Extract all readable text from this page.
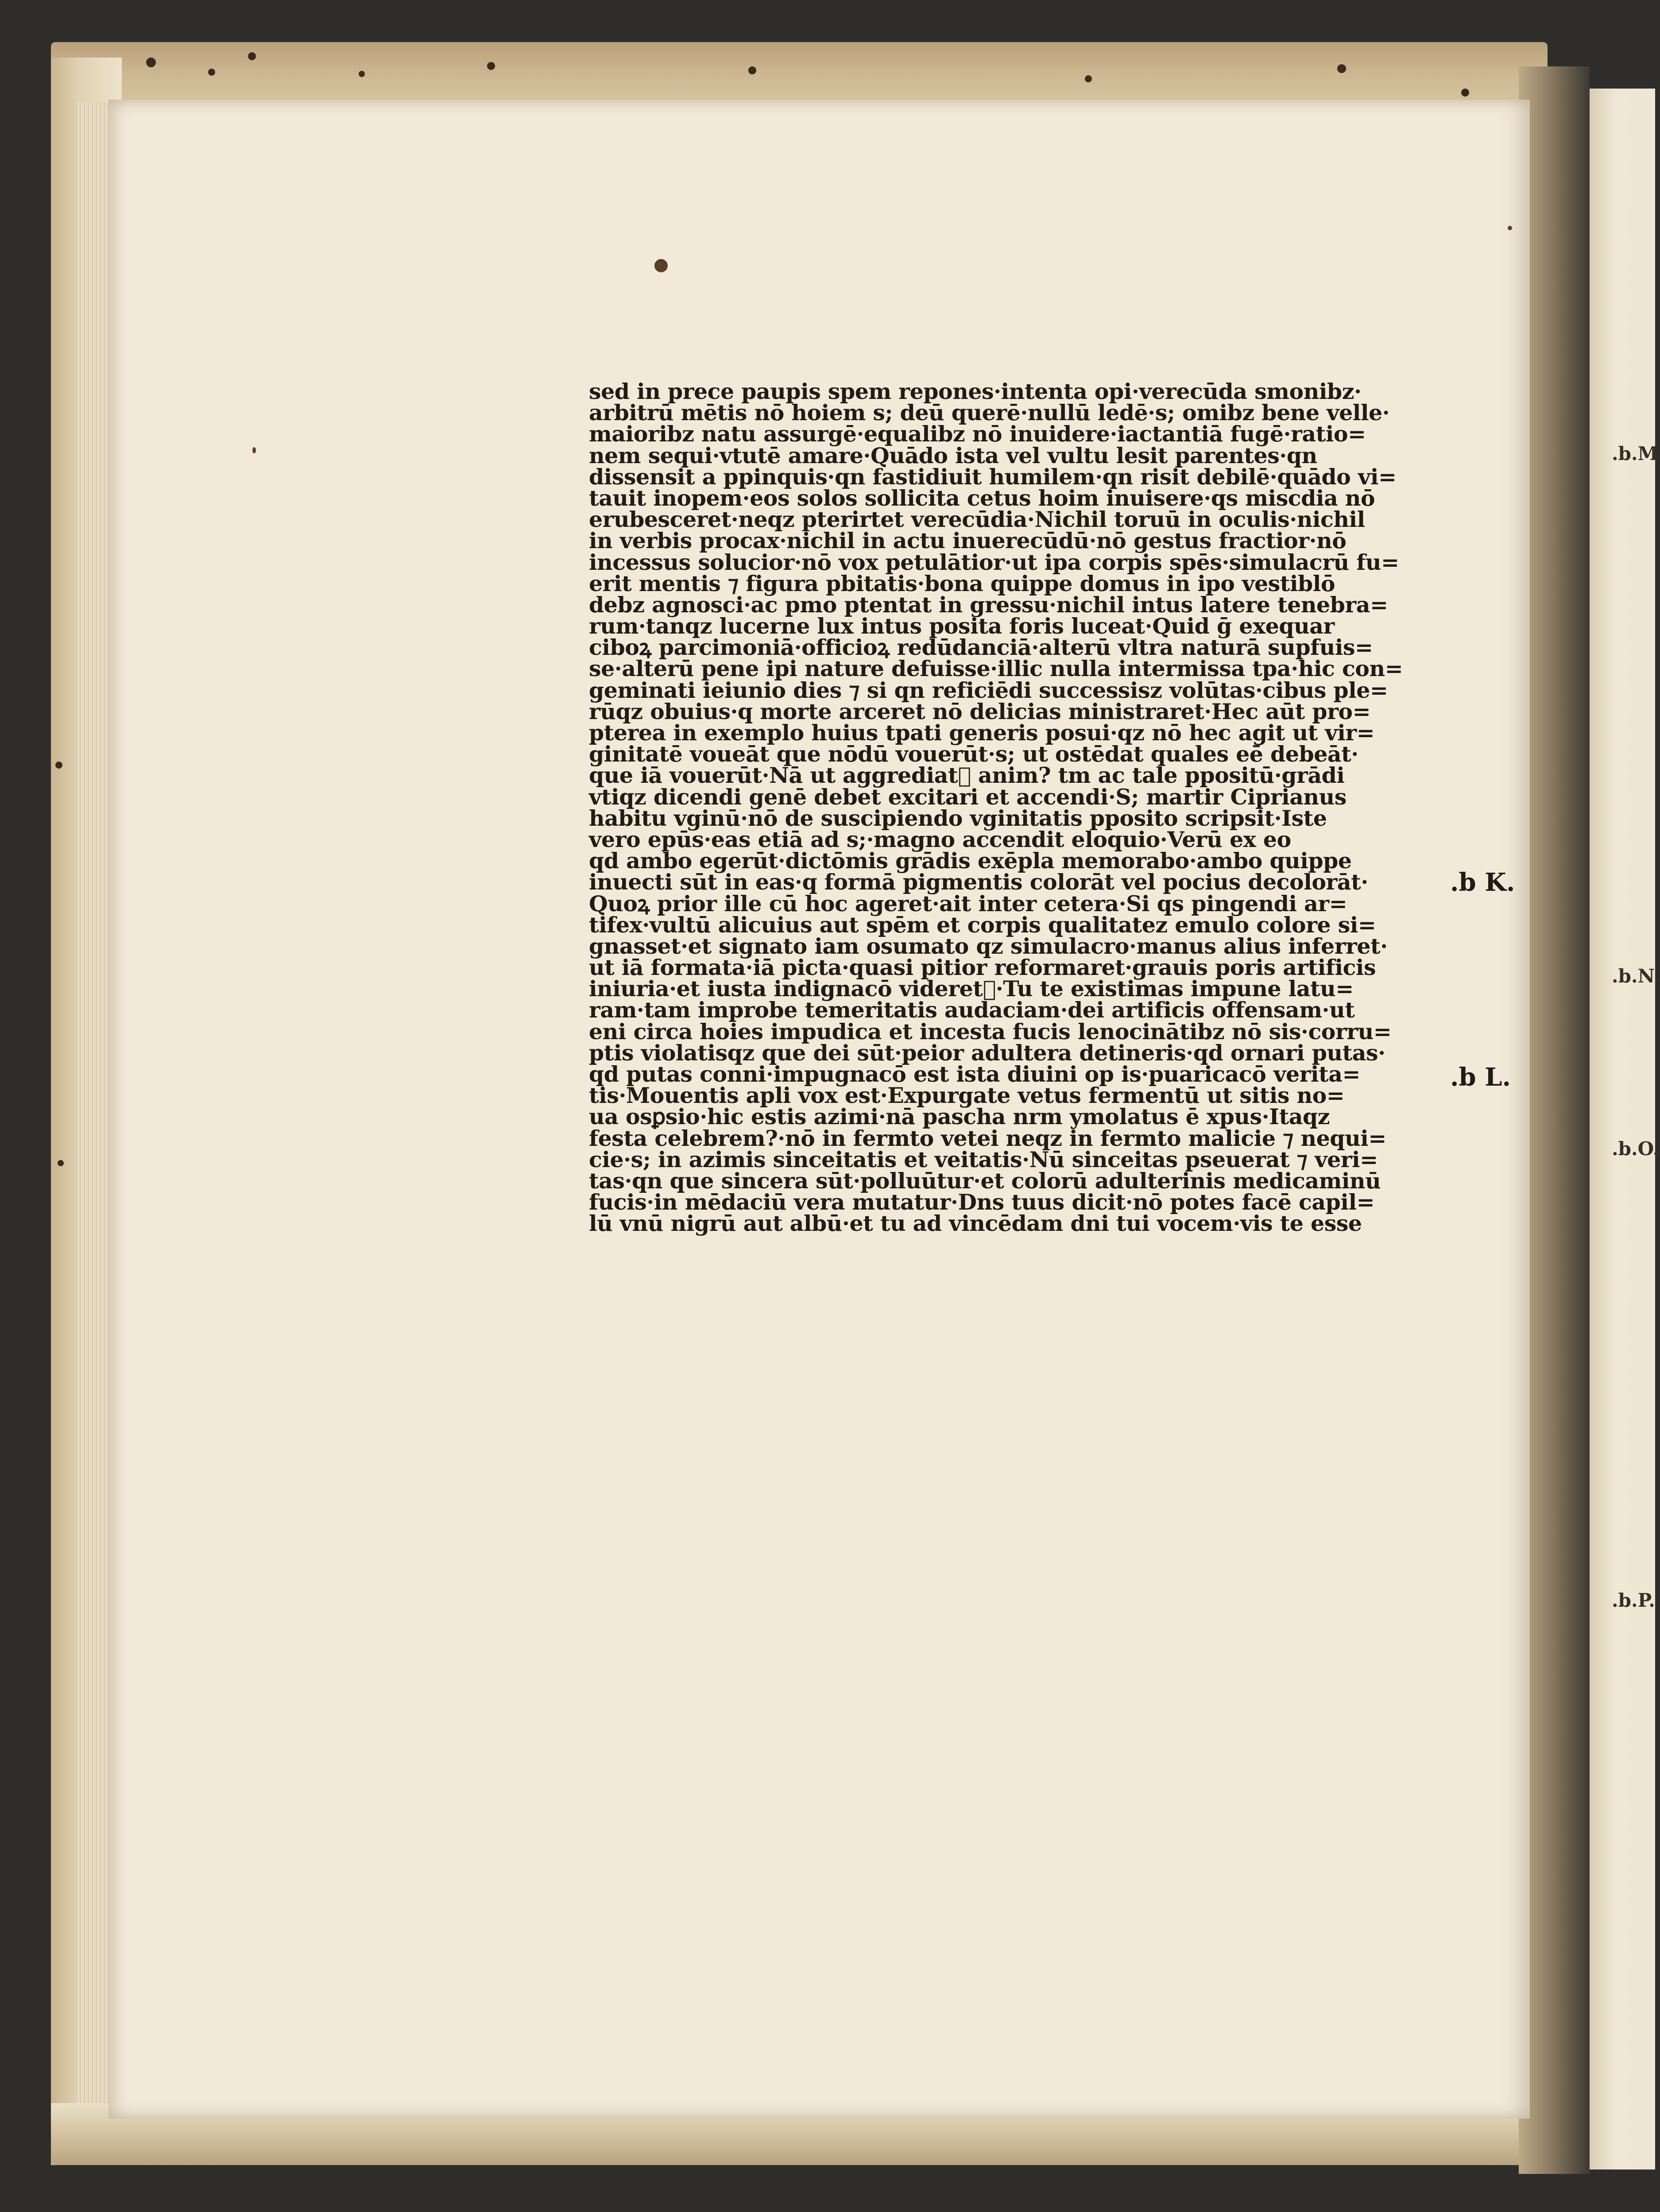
sed in prece paupis spem repones·intenta opi·verecūda smonibz·
arbitrū mētis nō hoiem s; deū querē·nullū ledē·s; omibz bene velle·
maioribz natu assurgē·equalibz nō inuidere·iactantiā fugē·ratio=
nem sequi·vtutē amare·Quādo ista vel vultu lesit parentes·qn
dissensit a ppinquis·qn fastidiuit humilem·qn risit debilē·quādo vi=
tauit inopem·eos solos sollicita cetus hoim inuisere·qs miscdia nō
erubesceret·neqz pterirtet verecūdia·Nichil toruū in oculis·nichil
in verbis procax·nichil in actu inuerecūdū·nō gestus fractior·nō
incessus solucior·nō vox petulātior·ut ipa corpis spēs·simulacrū fu=
erit mentis ⁊ figura pbitatis·bona quippe domus in ipo vestiblō
debz agnosci·ac pmo ptentat in gressu·nichil intus latere tenebra=
rum·tanqz lucerne lux intus posita foris luceat·Quid ḡ exequar
ciboꝝ parcimoniā·officioꝝ redūdanciā·alterū vltra naturā supfuis=
se·alterū pene ipi nature defuisse·illic nulla intermissa tpa·hic con=
geminati ieiunio dies ⁊ si qn reficiēdi successisz volūtas·cibus ple=
rūqz obuius·q morte arceret nō delicias ministraret·Hec aūt pro=
pterea in exemplo huius tpati generis posui·qz nō hec agit ut vir=
ginitatē voueāt que nōdū vouerūt·s; ut ostēdat quales eē debeāt·
que iā vouerūt·Nā ut aggrediatᷓ anim? tm ac tale ppositū·grādi
vtiqz dicendi genē debet excitari et accendi·S; martir Ciprianus
habitu vginū·nō de suscipiendo vginitatis pposito scripsit·Iste
vero epūs·eas etiā ad s;·magno accendit eloquio·Verū ex eo
qd ambo egerūt·dictōmis grādis exēpla memorabo·ambo quippe
inuecti sūt in eas·q formā pigmentis colorāt vel pocius decolorāt·
Quoꝝ prior ille cū hoc ageret·ait inter cetera·Si qs pingendi ar=
tifex·vultū alicuius aut spēm et corpis qualitatez emulo colore si=
gnasset·et signato iam osumato qz simulacro·manus alius inferret·
ut iā formata·iā picta·quasi pitior reformaret·grauis poris artificis
iniuria·et iusta indignacō videretᷓ·Tu te existimas impune latu=
ram·tam improbe temeritatis audaciam·dei artificis offensam·ut
eni circa hoies impudica et incesta fucis lenocinātibz nō sis·corru=
ptis violatisqz que dei sūt·peior adultera detineris·qd ornari putas·
qd putas conni·impugnacō est ista diuini op is·puaricacō verita=
tis·Mouentis apli vox est·Expurgate vetus fermentū ut sitis no=
ua osꝑsio·hic estis azimi·nā pascha nrm ymolatus ē xpus·Itaqz
festa celebrem?·nō in fermto vetei neqz in fermto malicie ⁊ nequi=
cie·s; in azimis sinceitatis et veitatis·Nū sinceitas pseuerat ⁊ veri=
tas·qn que sincera sūt·polluūtur·et colorū adulterinis medicaminū
fucis·in mēdaciū vera mutatur·Dns tuus dicit·nō potes facē capil=
lū vnū nigrū aut albū·et tu ad vincēdam dni tui vocem·vis te esse
.b K.
.b L.
.b.M
.b.N.
.b.O.
.b.P.
